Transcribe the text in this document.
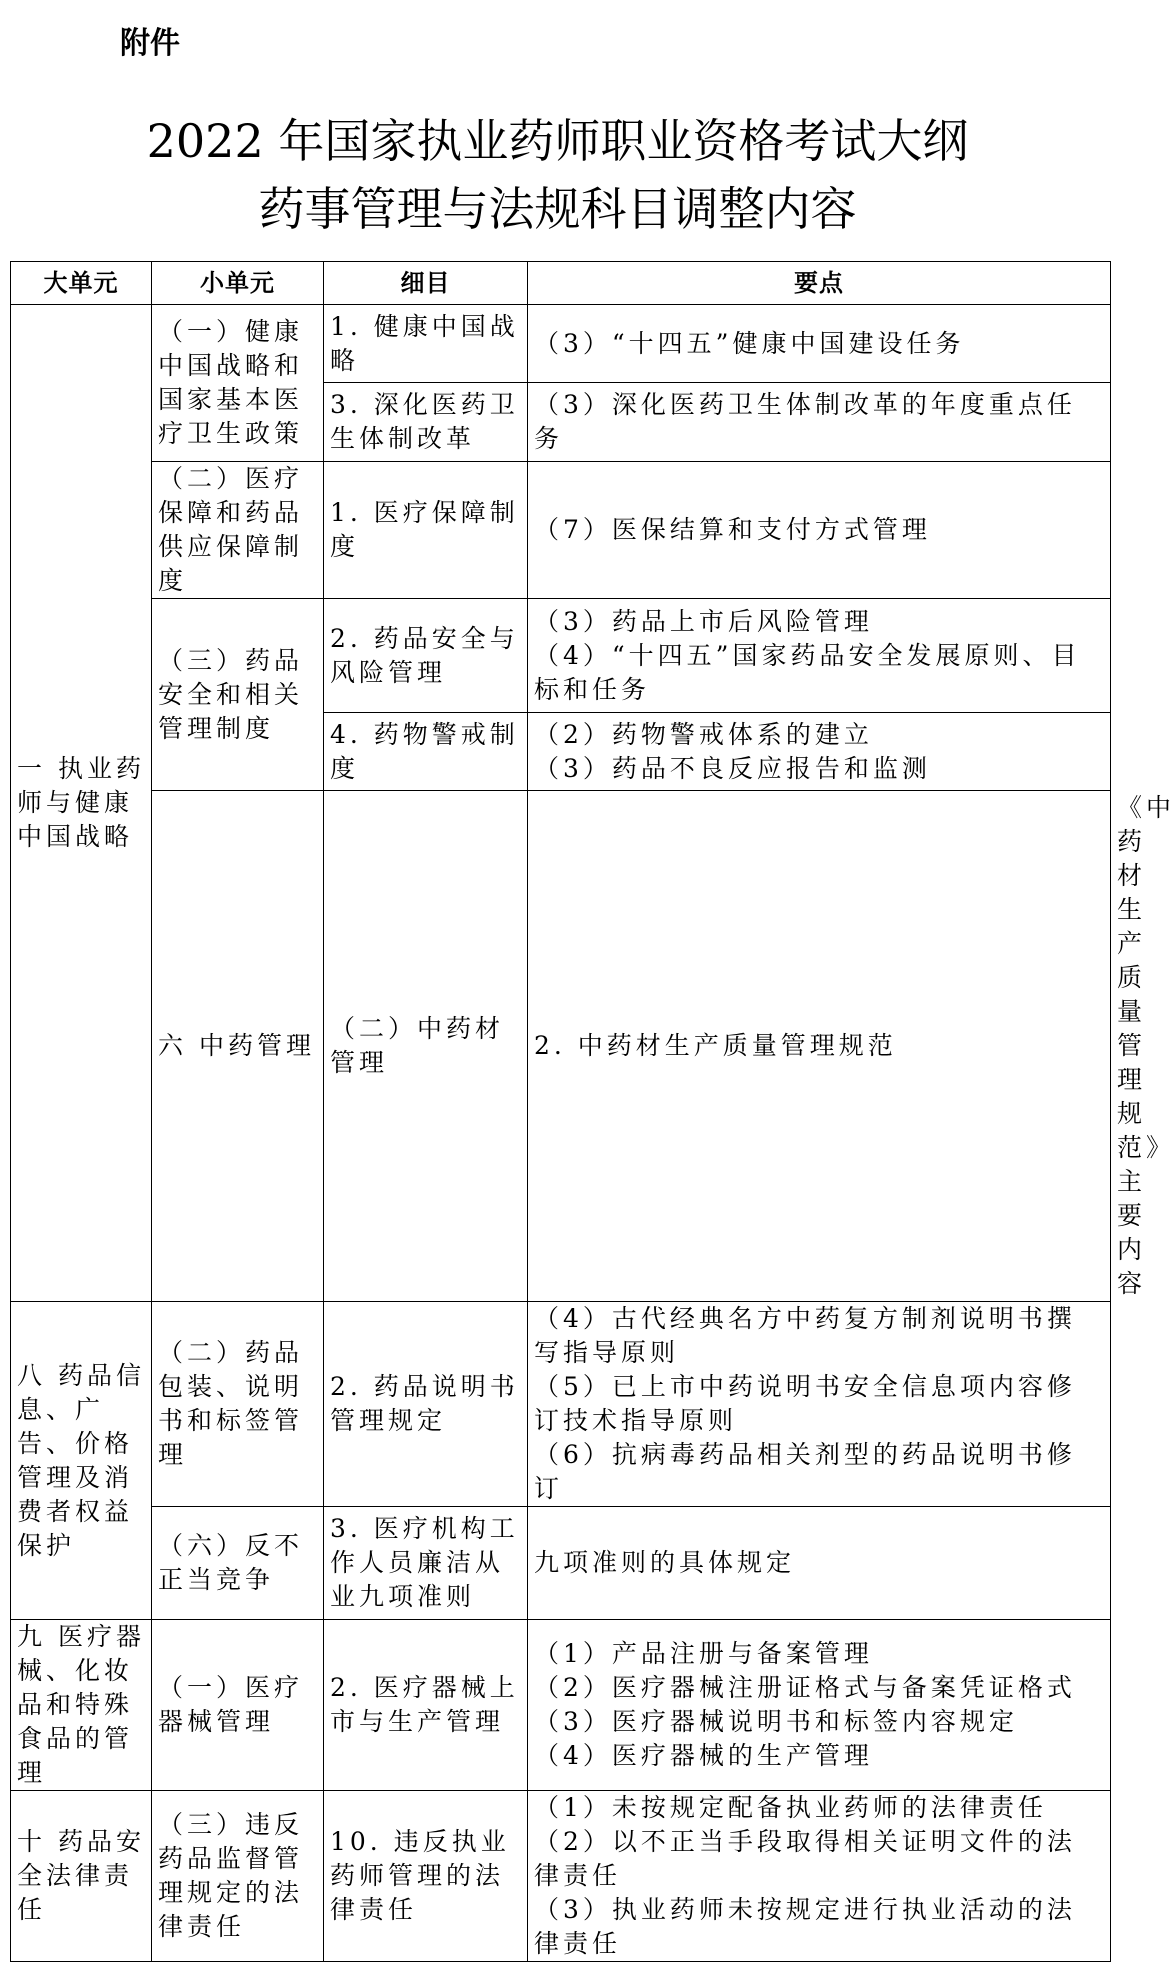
附件
2022 年国家执业药师职业资格考试大纲
药事管理与法规科目调整内容
大单元	小单元	细目	要点	
一 执业药师与健康中国战略	（一）健康中国战略和国家基本医疗卫生政策	1. 健康中国战略	（3）“十四五”健康中国建设任务	

		3. 深化医药卫生体制改革	（3）深化医药卫生体制改革的年度重点任务	

	（二）医疗保障和药品供应保障制度	1. 医疗保障制度	（7）医保结算和支付方式管理	

	（三）药品安全和相关管理制度	2. 药品安全与风险管理	（3）药品上市后风险管理
（4）“十四五”国家药品安全发展原则、目标和任务	

		4. 药物警戒制度	（2）药物警戒体系的建立
（3）药品不良反应报告和监测	

	六 中药管理	（二）中药材管理	2. 中药材生产质量管理规范	《中药材生产质量管理规范》主要内容

八 药品信息、广告、价格管理及消费者权益保护	（二）药品包装、说明书和标签管理	2. 药品说明书管理规定	（4）古代经典名方中药复方制剂说明书撰写指导原则
（5）已上市中药说明书安全信息项内容修订技术指导原则
（6）抗病毒药品相关剂型的药品说明书修订	

	（六）反不正当竞争	3. 医疗机构工作人员廉洁从业九项准则	九项准则的具体规定	

九 医疗器械、化妆品和特殊食品的管理	（一）医疗器械管理	2. 医疗器械上市与生产管理	（1）产品注册与备案管理
（2）医疗器械注册证格式与备案凭证格式
（3）医疗器械说明书和标签内容规定
（4）医疗器械的生产管理	

十 药品安全法律责任	（三）违反药品监督管理规定的法律责任	10. 违反执业药师管理的法律责任	（1）未按规定配备执业药师的法律责任
（2）以不正当手段取得相关证明文件的法律责任
（3）执业药师未按规定进行执业活动的法律责任	
